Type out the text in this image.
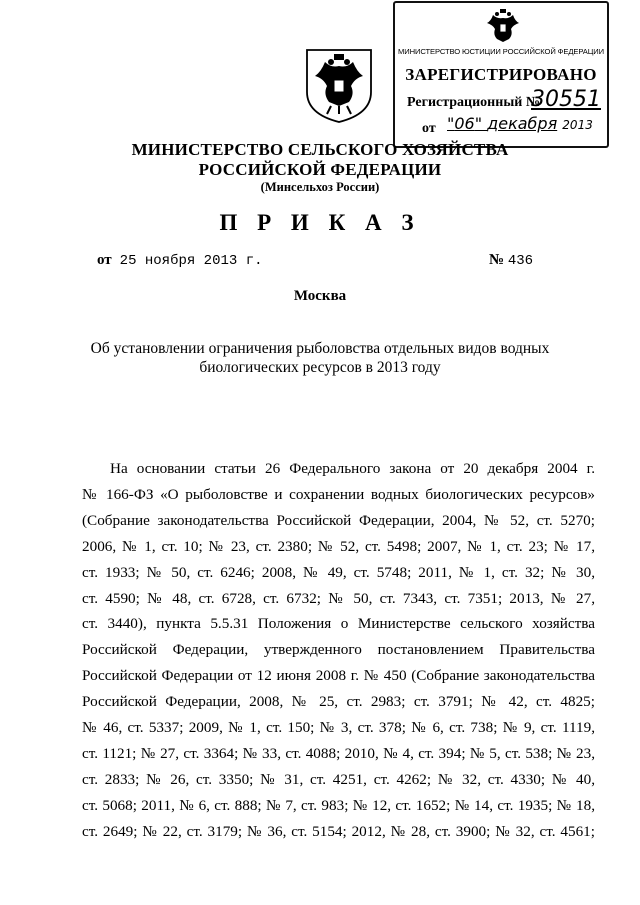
МИНИСТЕРСТВО ЮСТИЦИИ РОССИЙСКОЙ ФЕДЕРАЦИИ
ЗАРЕГИСТРИРОВАНО
Регистрационный №
30551
от "06" декабря 2013
МИНИСТЕРСТВО СЕЛЬСКОГО ХОЗЯЙСТВА
РОССИЙСКОЙ ФЕДЕРАЦИИ
(Минсельхоз России)
П Р И К А З
от 25 ноября 2013 г.	№ 436
Москва
Об установлении ограничения рыболовства отдельных видов водных
биологических ресурсов в 2013 году
На основании статьи 26 Федерального закона от 20 декабря 2004 г.
№ 166-ФЗ «О рыболовстве и сохранении водных биологических ресурсов»
(Собрание законодательства Российской Федерации, 2004, № 52, ст. 5270;
2006, № 1, ст. 10; № 23, ст. 2380; № 52, ст. 5498; 2007, № 1, ст. 23; № 17,
ст. 1933; № 50, ст. 6246; 2008, № 49, ст. 5748; 2011, № 1, ст. 32; № 30,
ст. 4590; № 48, ст. 6728, ст. 6732; № 50, ст. 7343, ст. 7351; 2013, № 27,
ст. 3440), пункта 5.5.31 Положения о Министерстве сельского хозяйства
Российской Федерации, утвержденного постановлением Правительства
Российской Федерации от 12 июня 2008 г. № 450 (Собрание законодательства
Российской Федерации, 2008, № 25, ст. 2983; ст. 3791; № 42, ст. 4825;
№ 46, ст. 5337; 2009, № 1, ст. 150; № 3, ст. 378; № 6, ст. 738; № 9, ст. 1119,
ст. 1121; № 27, ст. 3364; № 33, ст. 4088; 2010, № 4, ст. 394; № 5, ст. 538; № 23,
ст. 2833; № 26, ст. 3350; № 31, ст. 4251, ст. 4262; № 32, ст. 4330; № 40,
ст. 5068; 2011, № 6, ст. 888; № 7, ст. 983; № 12, ст. 1652; № 14, ст. 1935; № 18,
ст. 2649; № 22, ст. 3179; № 36, ст. 5154; 2012, № 28, ст. 3900; № 32, ст. 4561;
